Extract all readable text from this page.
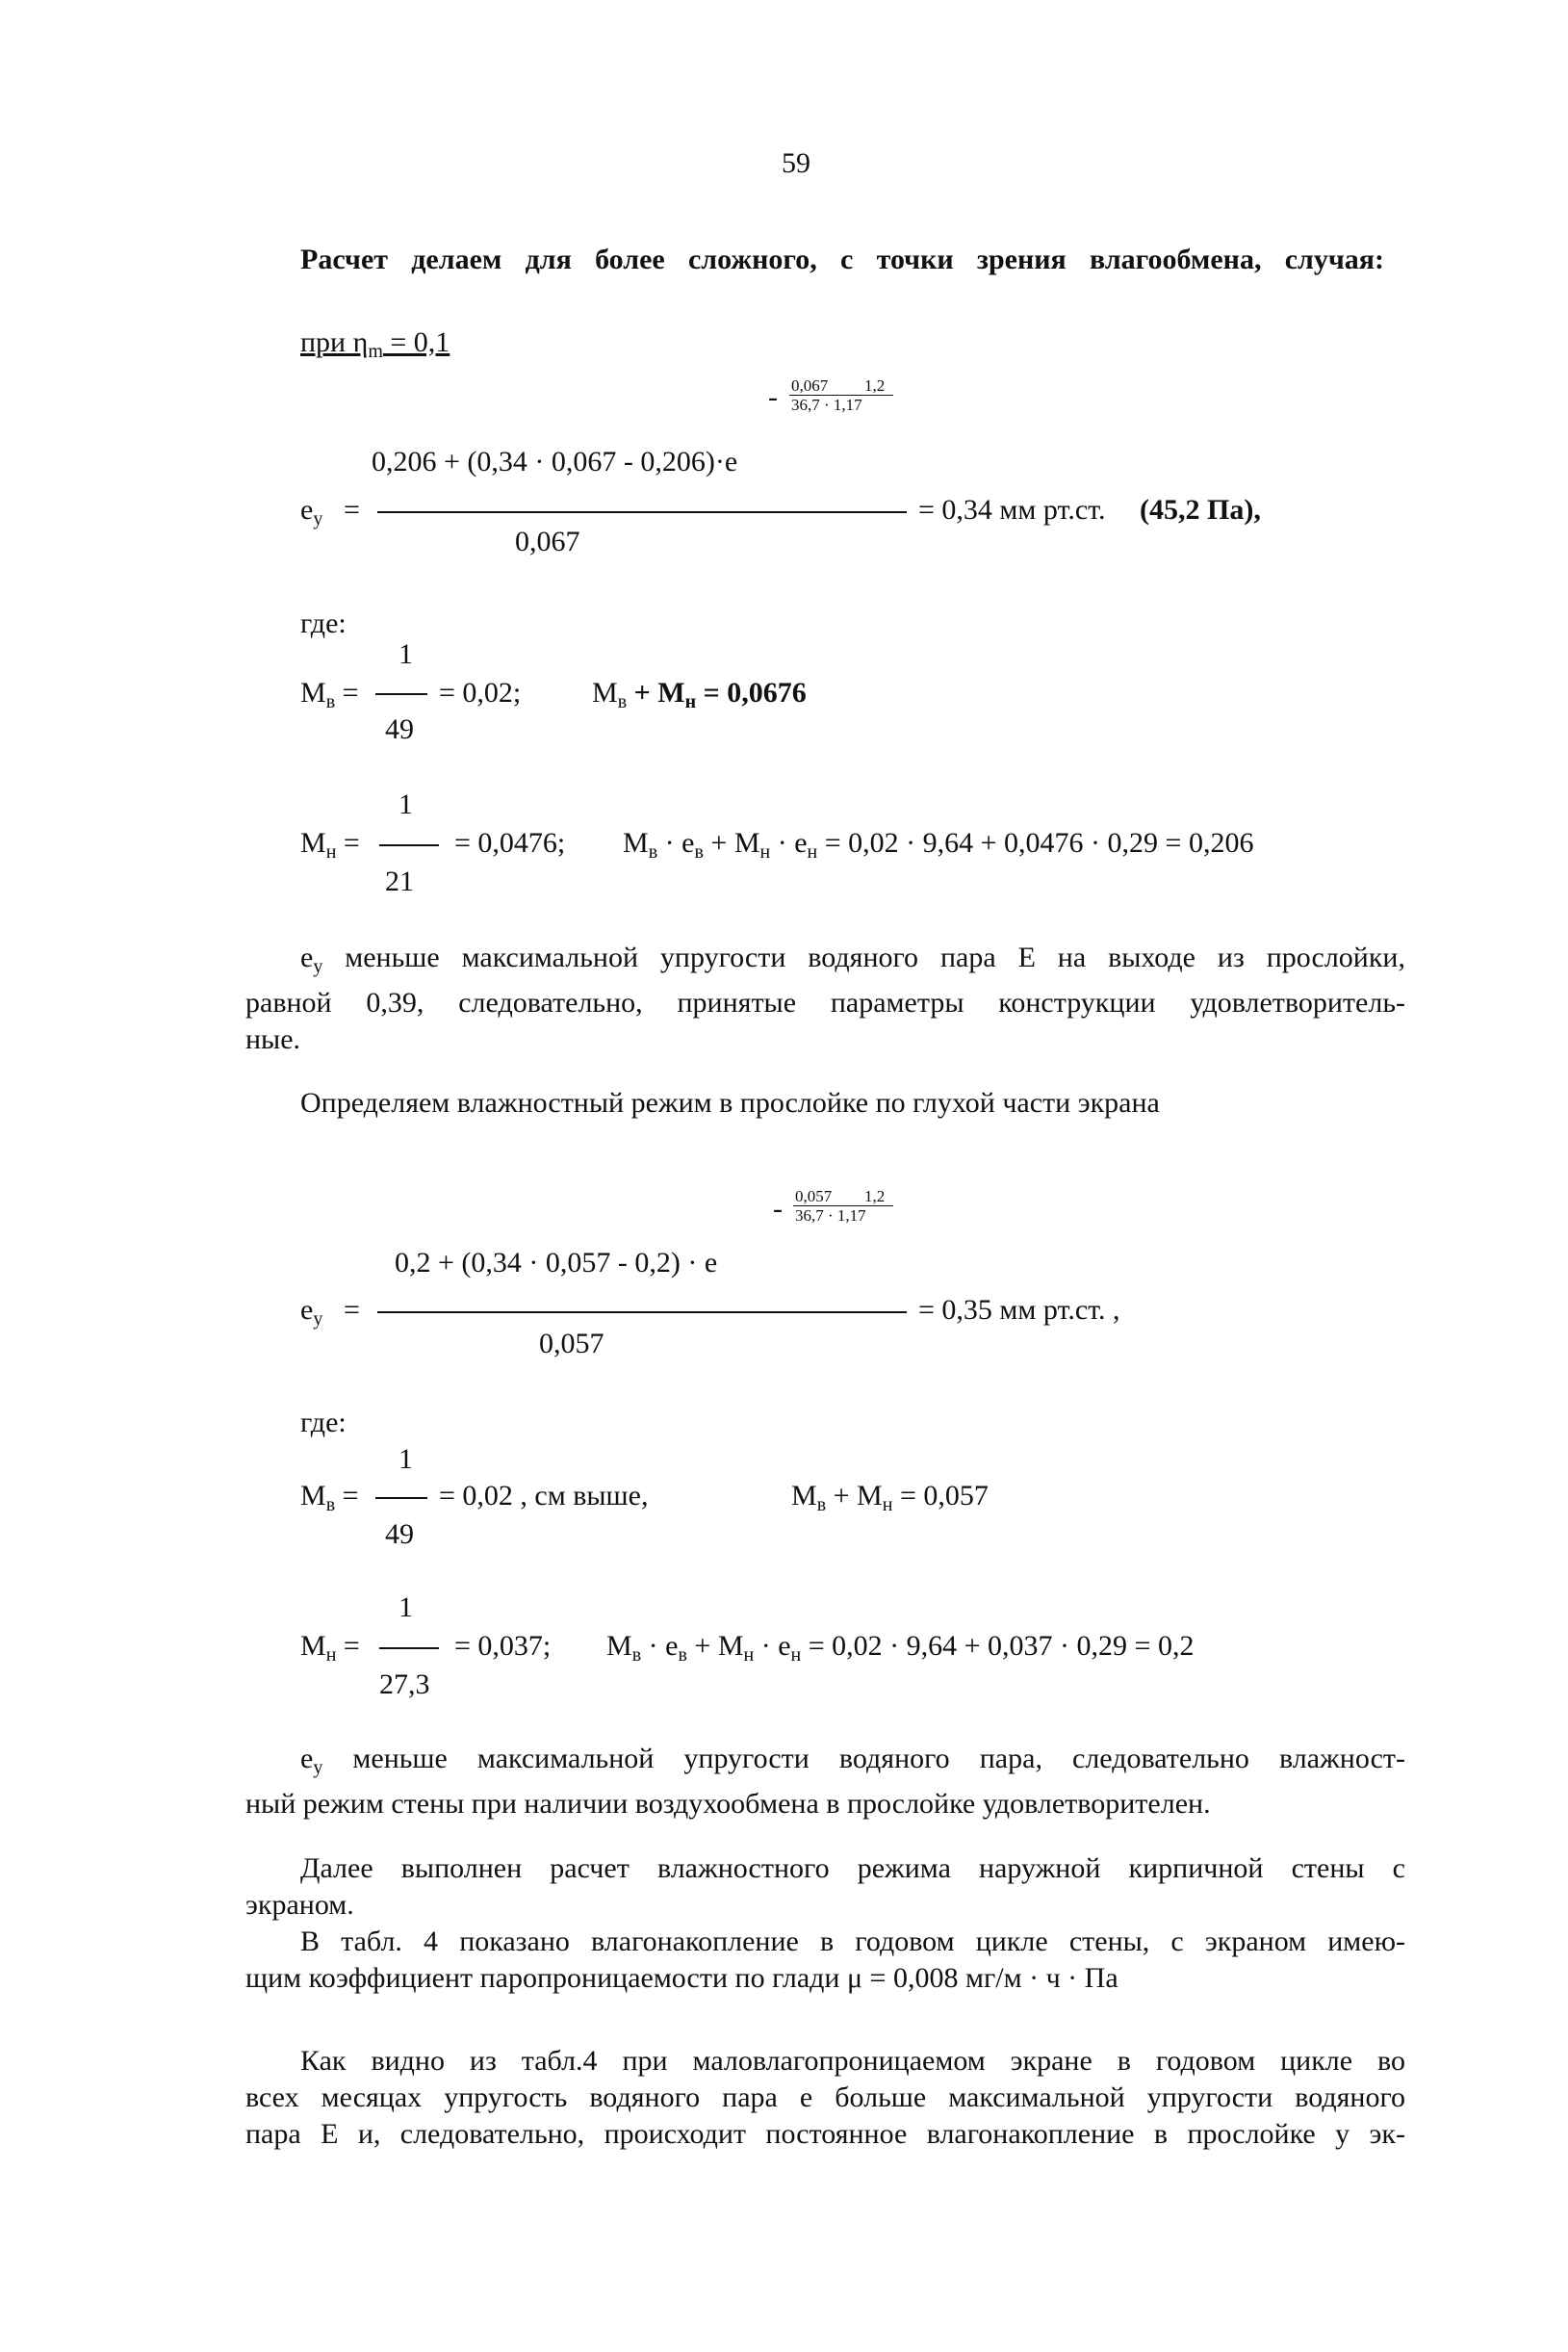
59
Расчет делаем для более сложного, с точки зрения влагообмена, случая:
при $\eta_m = 0,1$
- 0,067 1,2
36,7 · 1,17
0,206 + (0,34 · 0,067 - 0,206)·e
$e_у$ =	= 0,34 мм рт.ст. (45,2 Па),
0,067
где:
1
$М_в$ =	= 0,02; $М_в + М_н = 0,0676$
49
1
$М_н$ =	= 0,0476; $М_в \cdot е_в + М_н \cdot е_н = 0,02 \cdot 9,64 + 0,0476 \cdot 0,29 = 0,206$
21
$е_у$ меньше максимальной упругости водяного пара Е на выходе из прослойки,
равной 0,39, следовательно, принятые параметры конструкции удовлетворитель-
ные.
Определяем влажностный режим в прослойке по глухой части экрана
- 0,057 1,2
36,7 · 1,17
0,2 + (0,34 · 0,057 - 0,2) · e
$e_у$ =	= 0,35 мм рт.ст. ,
0,057
где:
1
$М_в$ =	= 0,02 , см выше,	$М_в + М_н = 0,057$
49
1
$М_н$ =	= 0,037; $М_в \cdot е_в + М_н \cdot е_н = 0,02 \cdot 9,64 + 0,037 \cdot 0,29 = 0,2$
27,3
$е_у$ меньше максимальной упругости водяного пара, следовательно влажност-
ный режим стены при наличии воздухообмена в прослойке удовлетворителен.
Далее выполнен расчет влажностного режима наружной кирпичной стены с
экраном.
В табл. 4 показано влагонакопление в годовом цикле стены, с экраном имею-
щим коэффициент паропроницаемости по глади μ = 0,008 мг/м · ч · Па
Как видно из табл.4 при маловлагопроницаемом экране в годовом цикле во
всех месяцах упругость водяного пара е больше максимальной упругости водяного
пара Е и, следовательно, происходит постоянное влагонакопление в прослойке у эк-
